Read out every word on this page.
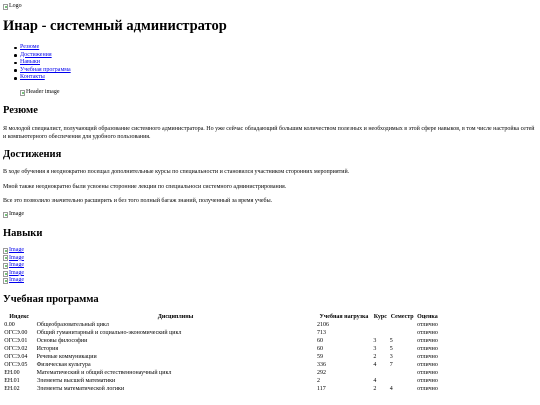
Logo
Инар - системный администратор
Резюме
Достижения
Навыки
Учебная программа
Контакты
Header image
Резюме

Я молодой специалист, получающий образование системного администратора. Но уже сейчас обладающий большим количеством полезных и необходимых в этой сфере навыков, в том числе настройка сетей и компьютерного обеспечения для удобного пользования.

Достижения

В ходе обучения я неоднократно посещал дополнительные курсы по специальности и становился участником сторонних мероприятий.

Мной также неоднократно были усвоены сторонние лекции по специальноси системного администрирования.

Все это позволило значительно расширить и без того полный багаж знаний, полученный за время учебы.

Image
Навыки
Image
Image
Image
Image
Image
Учебная программа
Индекс	Дисциплины	Учебная нагрузка	Курс	Семестр	Оценка
0.00	Общеобразовательный цикл	2106			отлично
ОГСЭ.00	Общий гуманитарный и социально-экономический цикл	713			отлично
ОГСЭ.01	Основы философии	60	3	5	отлично
ОГСЭ.02	История	60	3	5	отлично
ОГСЭ.04	Речевые коммуникации	59	2	3	отлично
ОГСЭ.05	Физическая культура	336	4	7	отлично
ЕН.00	Математический и общий естественнонаучный цикл	292			отлично
ЕН.01	Элементы высшей математики	2	4		отлично
ЕН.02	Элементы математической логики	117	2	4	отлично
